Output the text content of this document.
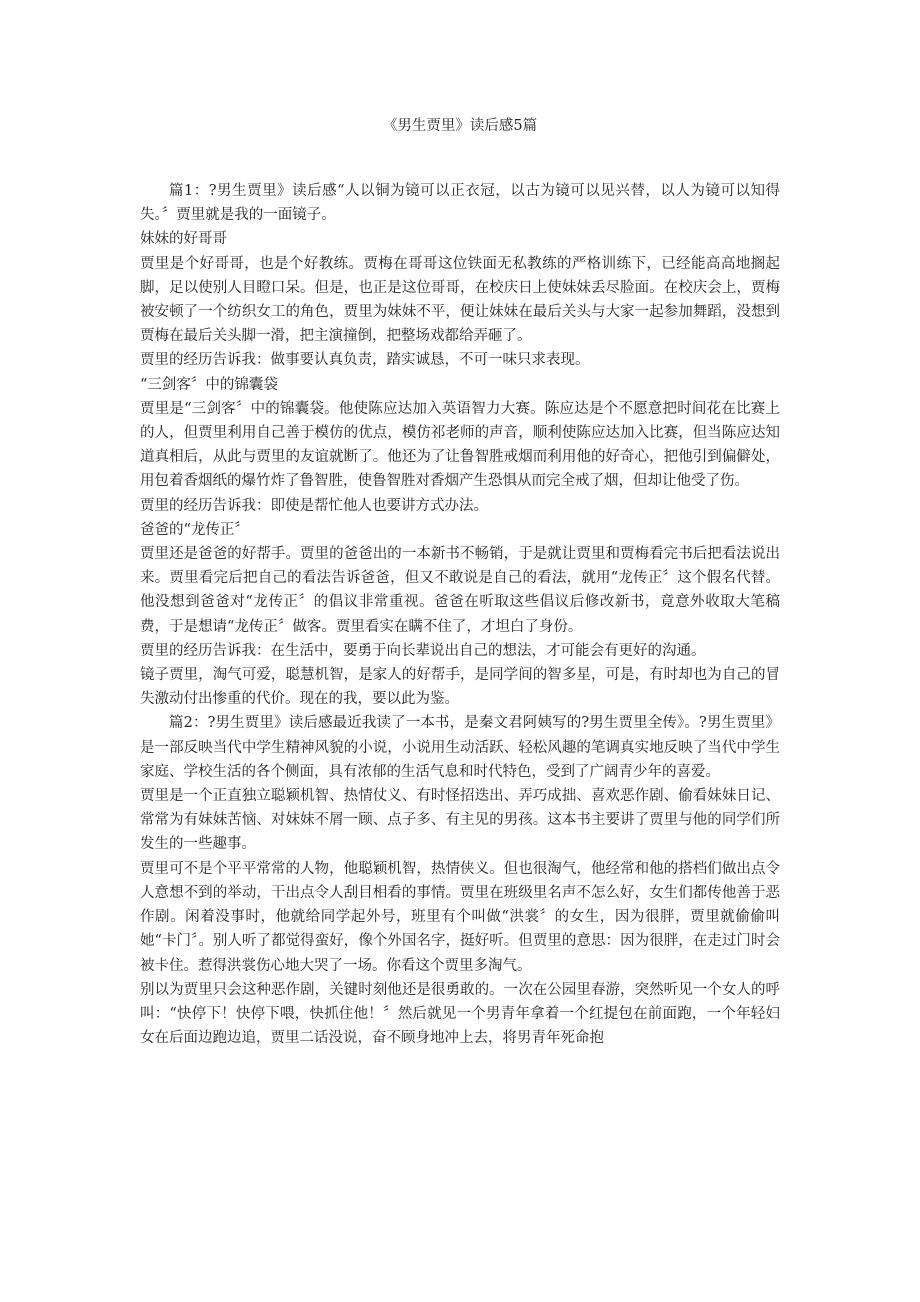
《男生贾里》读后感5篇

篇1：?男生贾里》读后感“人以铜为镜可以正衣冠，以古为镜可以见兴替，以人为镜可以知得失。〞贾里就是我的一面镜子。

妹妹的好哥哥

贾里是个好哥哥，也是个好教练。贾梅在哥哥这位铁面无私教练的严格训练下，已经能高高地搁起脚，足以使别人目瞪口呆。但是，也正是这位哥哥，在校庆日上使妹妹丢尽脸面。在校庆会上，贾梅被安顿了一个纺织女工的角色，贾里为妹妹不平，便让妹妹在最后关头与大家一起参加舞蹈，没想到贾梅在最后关头脚一滑，把主演撞倒，把整场戏都给弄砸了。

贾里的经历告诉我：做事要认真负责，踏实诚恳，不可一味只求表现。

“三剑客〞中的锦囊袋

贾里是“三剑客〞中的锦囊袋。他使陈应达加入英语智力大赛。陈应达是个不愿意把时间花在比赛上的人，但贾里利用自己善于模仿的优点，模仿祁老师的声音，顺利使陈应达加入比赛，但当陈应达知道真相后，从此与贾里的友谊就断了。他还为了让鲁智胜戒烟而利用他的好奇心，把他引到偏僻处，用包着香烟纸的爆竹炸了鲁智胜，使鲁智胜对香烟产生恐惧从而完全戒了烟，但却让他受了伤。

贾里的经历告诉我：即使是帮忙他人也要讲方式办法。

爸爸的“龙传正〞

贾里还是爸爸的好帮手。贾里的爸爸出的一本新书不畅销，于是就让贾里和贾梅看完书后把看法说出来。贾里看完后把自己的看法告诉爸爸，但又不敢说是自己的看法，就用“龙传正〞这个假名代替。他没想到爸爸对“龙传正〞的倡议非常重视。爸爸在听取这些倡议后修改新书，竟意外收取大笔稿费，于是想请“龙传正〞做客。贾里看实在瞒不住了，才坦白了身份。

贾里的经历告诉我：在生活中，要勇于向长辈说出自己的想法，才可能会有更好的沟通。

镜子贾里，淘气可爱，聪慧机智，是家人的好帮手，是同学间的智多星，可是，有时却也为自己的冒失激动付出惨重的代价。现在的我，要以此为鉴。

篇2：?男生贾里》读后感最近我读了一本书，是秦文君阿姨写的?男生贾里全传》。?男生贾里》是一部反映当代中学生精神风貌的小说，小说用生动活跃、轻松风趣的笔调真实地反映了当代中学生家庭、学校生活的各个侧面，具有浓郁的生活气息和时代特色，受到了广阔青少年的喜爱。

贾里是一个正直独立聪颖机智、热情仗义、有时怪招迭出、弄巧成拙、喜欢恶作剧、偷看妹妹日记、常常为有妹妹苦恼、对妹妹不屑一顾、点子多、有主见的男孩。这本书主要讲了贾里与他的同学们所发生的一些趣事。

贾里可不是个平平常常的人物，他聪颖机智，热情侠义。但也很淘气，他经常和他的搭档们做出点令人意想不到的举动，干出点令人刮目相看的事情。贾里在班级里名声不怎么好，女生们都传他善于恶作剧。闲着没事时，他就给同学起外号，班里有个叫做“洪裳〞的女生，因为很胖，贾里就偷偷叫她“卡门〞。别人听了都觉得蛮好，像个外国名字，挺好听。但贾里的意思：因为很胖，在走过门时会被卡住。惹得洪裳伤心地大哭了一场。你看这个贾里多淘气。

别以为贾里只会这种恶作剧，关键时刻他还是很勇敢的。一次在公园里春游，突然听见一个女人的呼叫：“快停下！快停下喂，快抓住他！〞然后就见一个男青年拿着一个红提包在前面跑，一个年轻妇女在后面边跑边追，贾里二话没说，奋不顾身地冲上去，将男青年死命抱
